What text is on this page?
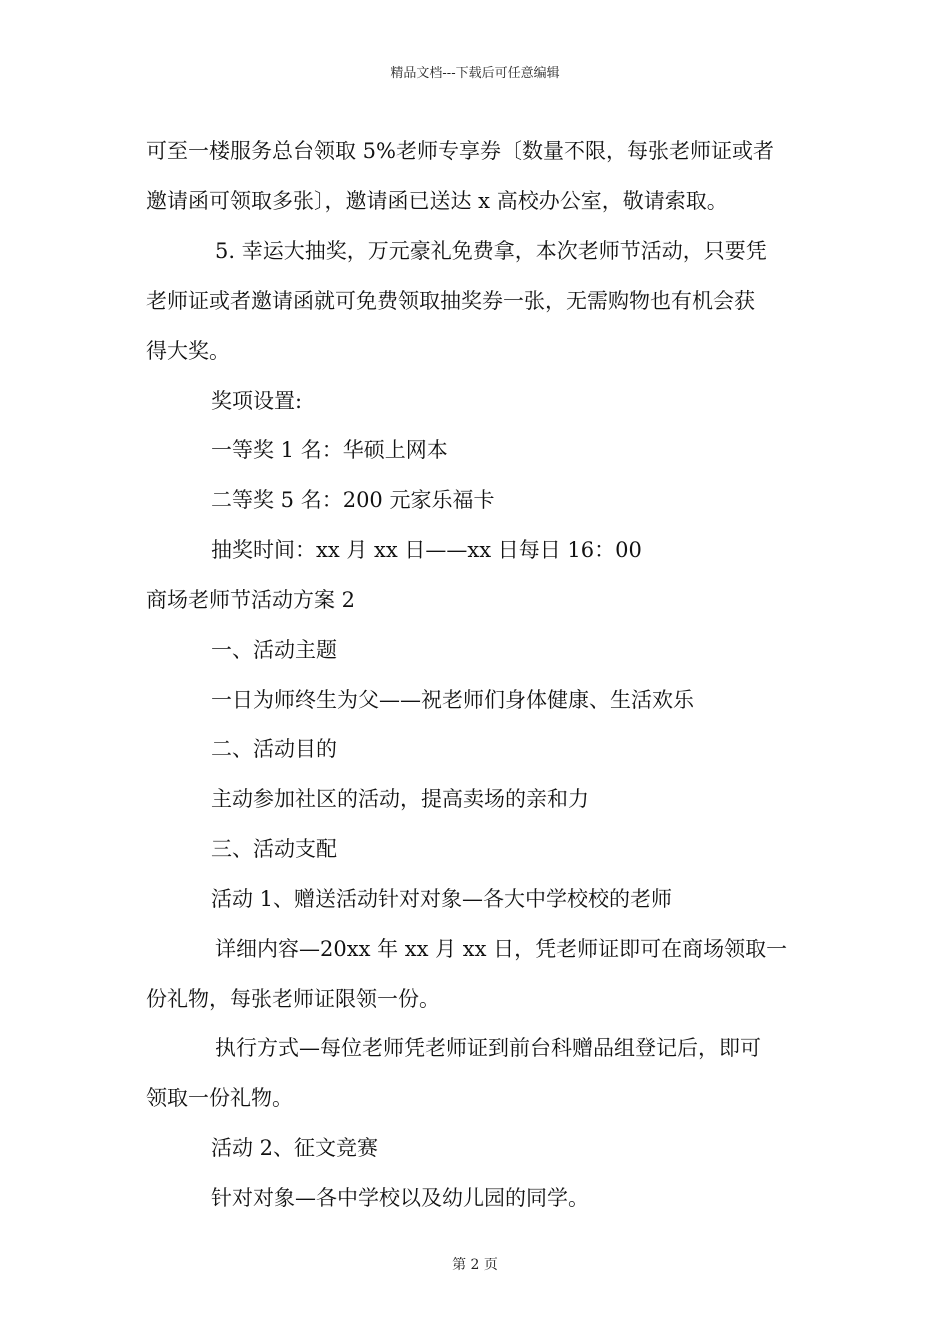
精品文档---下载后可任意编辑
可至一楼服务总台领取 5%老师专享券〔数量不限，每张老师证或者
邀请函可领取多张〕，邀请函已送达 x 高校办公室，敬请索取。
5. 幸运大抽奖，万元豪礼免费拿，本次老师节活动，只要凭
老师证或者邀请函就可免费领取抽奖券一张，无需购物也有机会获
得大奖。
奖项设置:
一等奖 1 名：华硕上网本
二等奖 5 名：200 元家乐福卡
抽奖时间：xx 月 xx 日——xx 日每日 16：00
商场老师节活动方案 2
一、活动主题
一日为师终生为父——祝老师们身体健康、生活欢乐
二、活动目的
主动参加社区的活动，提高卖场的亲和力
三、活动支配
活动 1、赠送活动针对对象—各大中学校校的老师
详细内容—20xx 年 xx 月 xx 日，凭老师证即可在商场领取一
份礼物，每张老师证限领一份。
执行方式—每位老师凭老师证到前台科赠品组登记后，即可
领取一份礼物。
活动 2、征文竞赛
针对对象—各中学校以及幼儿园的同学。
第 2 页
